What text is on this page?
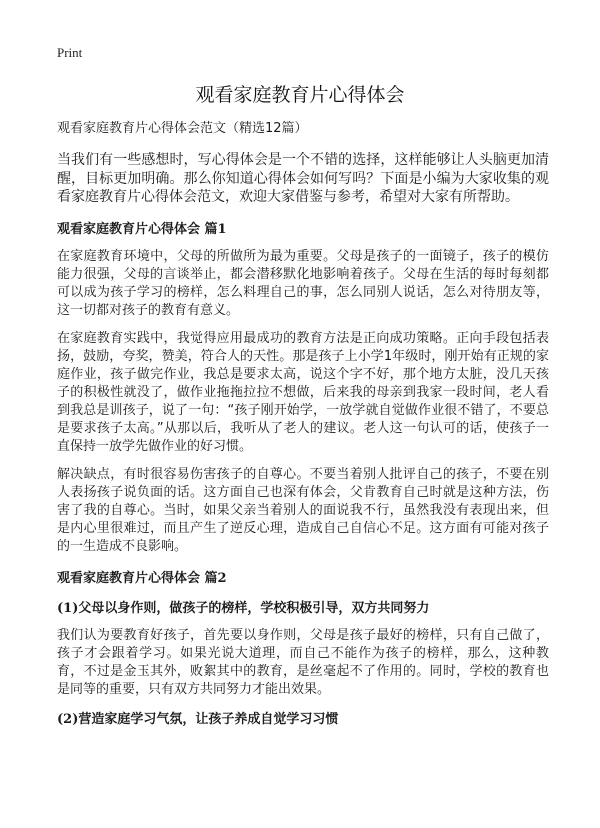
Print
观看家庭教育片心得体会

观看家庭教育片心得体会范文（精选12篇）

当我们有一些感想时，写心得体会是一个不错的选择，这样能够让人头脑更加清醒，目标更加明确。那么你知道心得体会如何写吗？下面是小编为大家收集的观看家庭教育片心得体会范文，欢迎大家借鉴与参考，希望对大家有所帮助。

观看家庭教育片心得体会 篇1

在家庭教育环境中，父母的所做所为最为重要。父母是孩子的一面镜子，孩子的模仿能力很强，父母的言谈举止，都会潜移默化地影响着孩子。父母在生活的每时每刻都可以成为孩子学习的榜样，怎么料理自己的事，怎么同别人说话，怎么对待朋友等，这一切都对孩子的教育有意义。

在家庭教育实践中，我觉得应用最成功的教育方法是正向成功策略。正向手段包括表扬，鼓励，夸奖，赞美，符合人的天性。那是孩子上小学1年级时，刚开始有正规的家庭作业，孩子做完作业，我总是要求太高，说这个字不好，那个地方太脏，没几天孩子的积极性就没了，做作业拖拖拉拉不想做，后来我的母亲到我家一段时间，老人看到我总是训孩子，说了一句：“孩子刚开始学，一放学就自觉做作业很不错了，不要总是要求孩子太高。”从那以后，我听从了老人的建议。老人这一句认可的话，使孩子一直保持一放学先做作业的好习惯。

解决缺点，有时很容易伤害孩子的自尊心。不要当着别人批评自己的孩子，不要在别人表扬孩子说负面的话。这方面自己也深有体会，父肯教育自己时就是这种方法，伤害了我的自尊心。当时，如果父亲当着别人的面说我不行，虽然我没有表现出来，但是内心里很难过，而且产生了逆反心理，造成自己自信心不足。这方面有可能对孩子的一生造成不良影响。

观看家庭教育片心得体会 篇2
(1)父母以身作则，做孩子的榜样，学校积极引导，双方共同努力

我们认为要教育好孩子，首先要以身作则，父母是孩子最好的榜样，只有自己做了，孩子才会跟着学习。如果光说大道理，而自己不能作为孩子的榜样，那么，这种教育，不过是金玉其外，败絮其中的教育，是丝毫起不了作用的。同时，学校的教育也是同等的重要，只有双方共同努力才能出效果。

(2)营造家庭学习气氛，让孩子养成自觉学习习惯
